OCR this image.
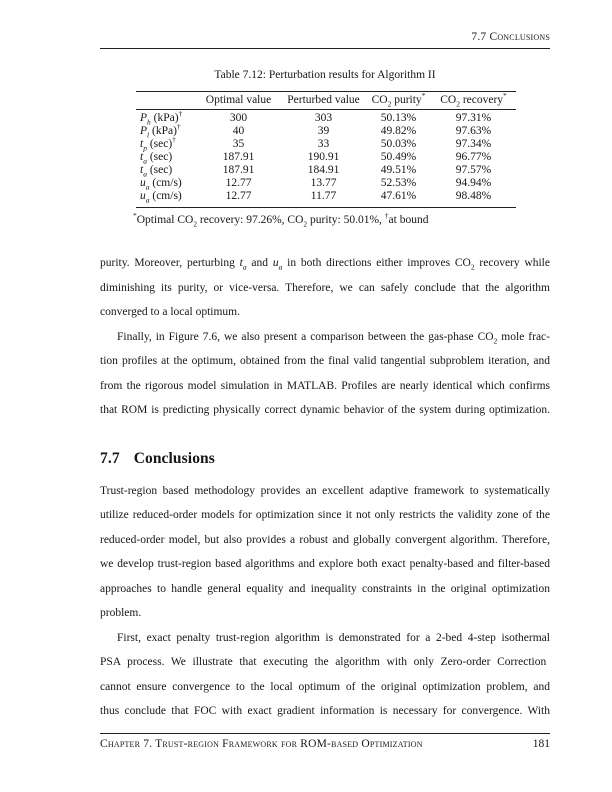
7.7 Conclusions
Table 7.12: Perturbation results for Algorithm II
	Optimal value	Perturbed value	$CO_2$ purity*	$CO_2$ recovery*
$P_h$ (kPa)†	300	303	50.13%	97.31%
$P_l$ (kPa)†	40	39	49.82%	97.63%
$t_p$ (sec)†	35	33	50.03%	97.34%
$t_a$ (sec)	187.91	190.91	50.49%	96.77%
$t_a$ (sec)	187.91	184.91	49.51%	97.57%
$u_a$ (cm/s)	12.77	13.77	52.53%	94.94%
$u_a$ (cm/s)	12.77	11.77	47.61%	98.48%
*Optimal $CO_2$ recovery: 97.26%, $CO_2$ purity: 50.01%, †at bound
purity. Moreover, perturbing $t_a$ and $u_a$ in both directions either improves $CO_2$ recovery while
diminishing its purity, or vice-versa. Therefore, we can safely conclude that the algorithm
converged to a local optimum.
Finally, in Figure 7.6, we also present a comparison between the gas-phase $CO_2$ mole frac-
tion profiles at the optimum, obtained from the final valid tangential subproblem iteration, and
from the rigorous model simulation in MATLAB. Profiles are nearly identical which confirms
that ROM is predicting physically correct dynamic behavior of the system during optimization.
7.7 Conclusions
Trust-region based methodology provides an excellent adaptive framework to systematically
utilize reduced-order models for optimization since it not only restricts the validity zone of the
reduced-order model, but also provides a robust and globally convergent algorithm. Therefore,
we develop trust-region based algorithms and explore both exact penalty-based and filter-based
approaches to handle general equality and inequality constraints in the original optimization
problem.
First, exact penalty trust-region algorithm is demonstrated for a 2-bed 4-step isothermal
PSA process. We illustrate that executing the algorithm with only Zero-order Correction
cannot ensure convergence to the local optimum of the original optimization problem, and
thus conclude that FOC with exact gradient information is necessary for convergence. With
Chapter 7. Trust-region Framework for ROM-based Optimization	181
